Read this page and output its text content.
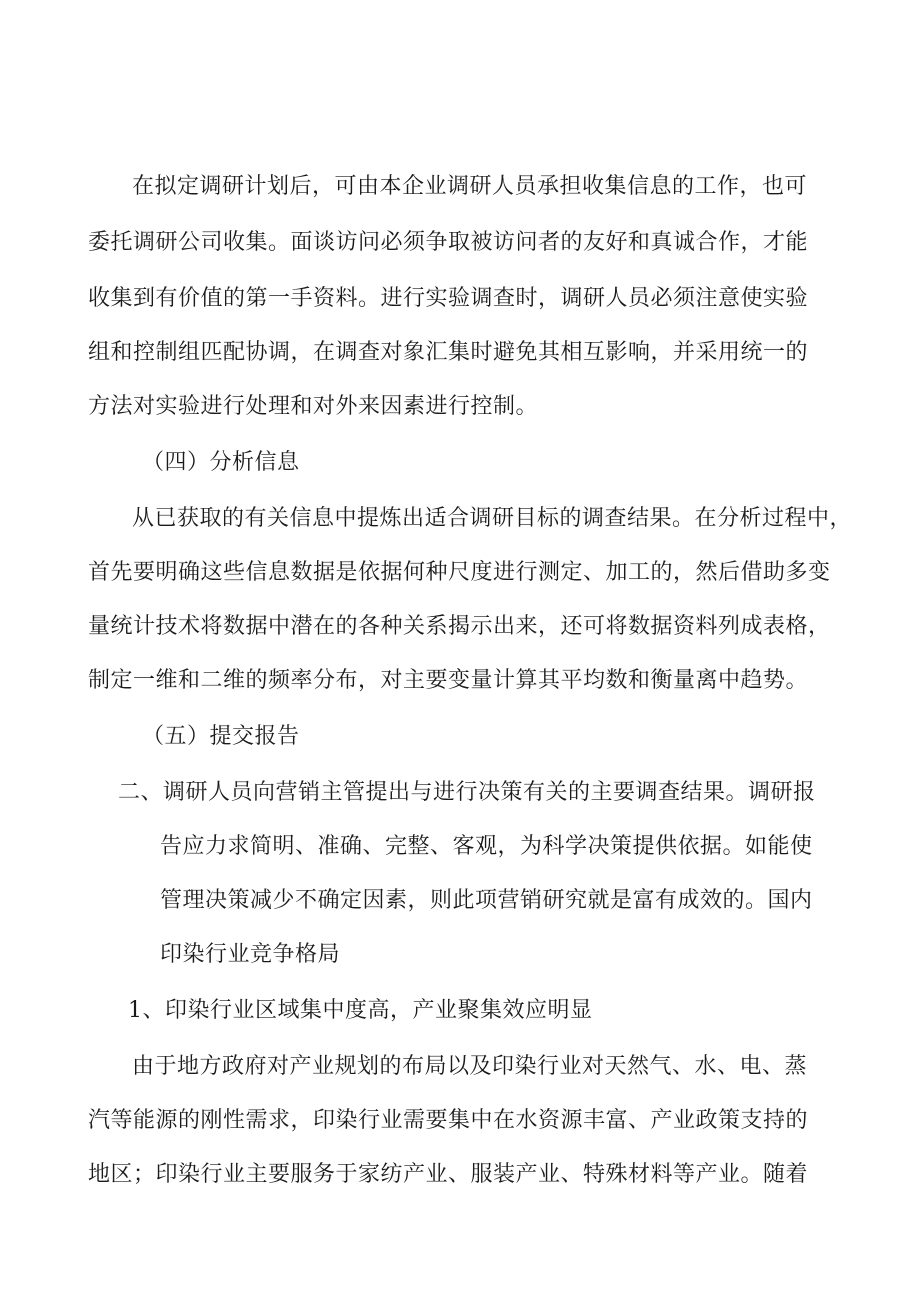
在拟定调研计划后，可由本企业调研人员承担收集信息的工作，也可
委托调研公司收集。面谈访问必须争取被访问者的友好和真诚合作，才能
收集到有价值的第一手资料。进行实验调查时，调研人员必须注意使实验
组和控制组匹配协调，在调查对象汇集时避免其相互影响，并采用统一的
方法对实验进行处理和对外来因素进行控制。
（四）分析信息
从已获取的有关信息中提炼出适合调研目标的调查结果。在分析过程中，
首先要明确这些信息数据是依据何种尺度进行测定、加工的，然后借助多变
量统计技术将数据中潜在的各种关系揭示出来，还可将数据资料列成表格，
制定一维和二维的频率分布，对主要变量计算其平均数和衡量离中趋势。
（五）提交报告
二、调研人员向营销主管提出与进行决策有关的主要调查结果。调研报
告应力求简明、准确、完整、客观，为科学决策提供依据。如能使
管理决策减少不确定因素，则此项营销研究就是富有成效的。国内
印染行业竞争格局
1、印染行业区域集中度高，产业聚集效应明显
由于地方政府对产业规划的布局以及印染行业对天然气、水、电、蒸
汽等能源的刚性需求，印染行业需要集中在水资源丰富、产业政策支持的
地区；印染行业主要服务于家纺产业、服装产业、特殊材料等产业。随着
